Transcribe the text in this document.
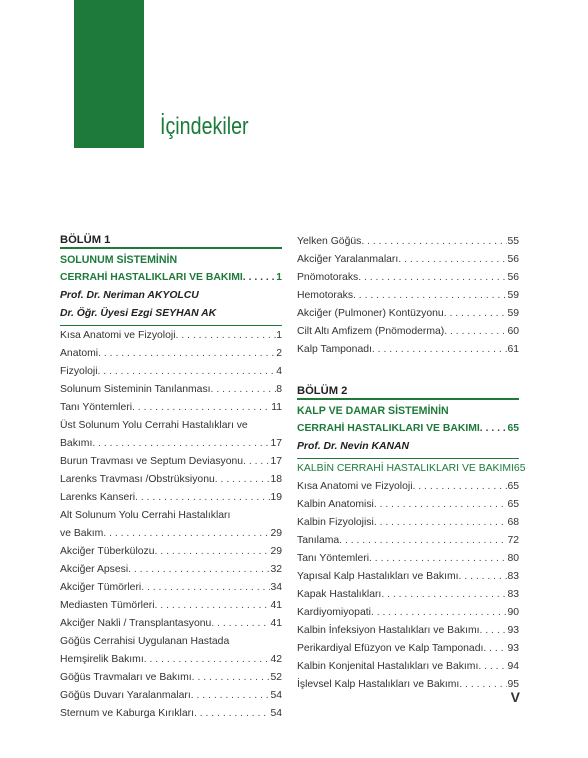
İçindekiler
BÖLÜM 1
SOLUNUM SİSTEMİNİN
CERRAHİ HASTALIKLARI VE BAKIMI . . .	1
Prof. Dr. Neriman AKYOLCU
Dr. Öğr. Üyesi Ezgi SEYHAN AK
Kısa Anatomi ve Fizyoloji . . .	1
Anatomi . . .	2
Fizyoloji . . .	4
Solunum Sisteminin Tanılanması . . .	8
Tanı Yöntemleri . . .	11
Üst Solunum Yolu Cerrahi Hastalıkları ve
Bakımı . . .	17
Burun Travması ve Septum Deviasyonu . . .	17
Larenks Travması /Obstrüksiyonu . . .	18
Larenks Kanseri . . .	19
Alt Solunum Yolu Cerrahi Hastalıkları
ve Bakım . . .	29
Akciğer Tüberkülozu . . .	29
Akciğer Apsesi . . .	32
Akciğer Tümörleri . . .	34
Mediasten Tümörleri . . .	41
Akciğer Nakli / Transplantasyonu . . .	41
Göğüs Cerrahisi Uygulanan Hastada
Hemşirelik Bakımı . . .	42
Göğüs Travmaları ve Bakımı . . .	52
Göğüs Duvarı Yaralanmaları . . .	54
Sternum ve Kaburga Kırıkları . . .	54
Yelken Göğüs . . .	55
Akciğer Yaralanmaları . . .	56
Pnömotoraks . . .	56
Hemotoraks . . .	59
Akciğer (Pulmoner) Kontüzyonu . . .	59
Cilt Altı Amfizem (Pnömoderma) . . .	60
Kalp Tamponadı . . .	61
BÖLÜM 2
KALP VE DAMAR SİSTEMİNİN
CERRAHİ HASTALIKLARI VE BAKIMI . . .	65
Prof. Dr. Nevin KANAN
KALBİN CERRAHİ HASTALIKLARI VE BAKIMI 65
Kısa Anatomi ve Fizyoloji . . .	65
Kalbin Anatomisi . . .	65
Kalbin Fizyolojisi . . .	68
Tanılama . . .	72
Tanı Yöntemleri . . .	80
Yapısal Kalp Hastalıkları ve Bakımı . . .	83
Kapak Hastalıkları . . .	83
Kardiyomiyopati . . .	90
Kalbin İnfeksiyon Hastalıkları ve Bakımı . . .	93
Perikardiyal Efüzyon ve Kalp Tamponadı . . . 93
Kalbin Konjenital Hastalıkları ve Bakımı . . .	94
İşlevsel Kalp Hastalıkları ve Bakımı . . .	95
V
